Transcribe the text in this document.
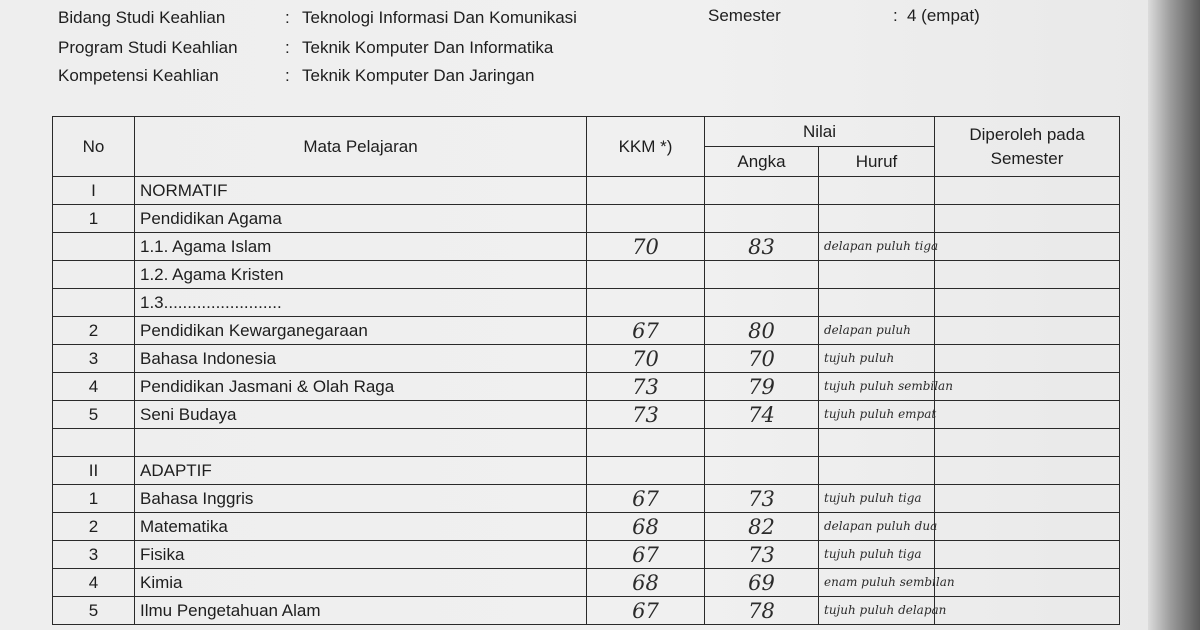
Bidang Studi Keahlian	: Teknologi Informasi Dan Komunikasi
Program Studi Keahlian	: Teknik Komputer Dan Informatika
Kompetensi Keahlian	: Teknik Komputer Dan Jaringan
Semester	: 4 (empat)
No	Mata Pelajaran	KKM *)	Nilai		Diperoleh pada Semester
			Angka	Huruf	
I	NORMATIF				
1	Pendidikan Agama				
	1.1. Agama Islam	70	83	delapan puluh tiga	
	1.2. Agama Kristen				
	1.3.........................				
2	Pendidikan Kewarganegaraan	67	80	delapan puluh	
3	Bahasa Indonesia	70	70	tujuh puluh	
4	Pendidikan Jasmani & Olah Raga	73	79	tujuh puluh sembilan	
5	Seni Budaya	73	74	tujuh puluh empat	

II	ADAPTIF				
1	Bahasa Inggris	67	73	tujuh puluh tiga	
2	Matematika	68	82	delapan puluh dua	
3	Fisika	67	73	tujuh puluh tiga	
4	Kimia	68	69	enam puluh sembilan	
5	Ilmu Pengetahuan Alam	67	78	tujuh puluh delapan	
